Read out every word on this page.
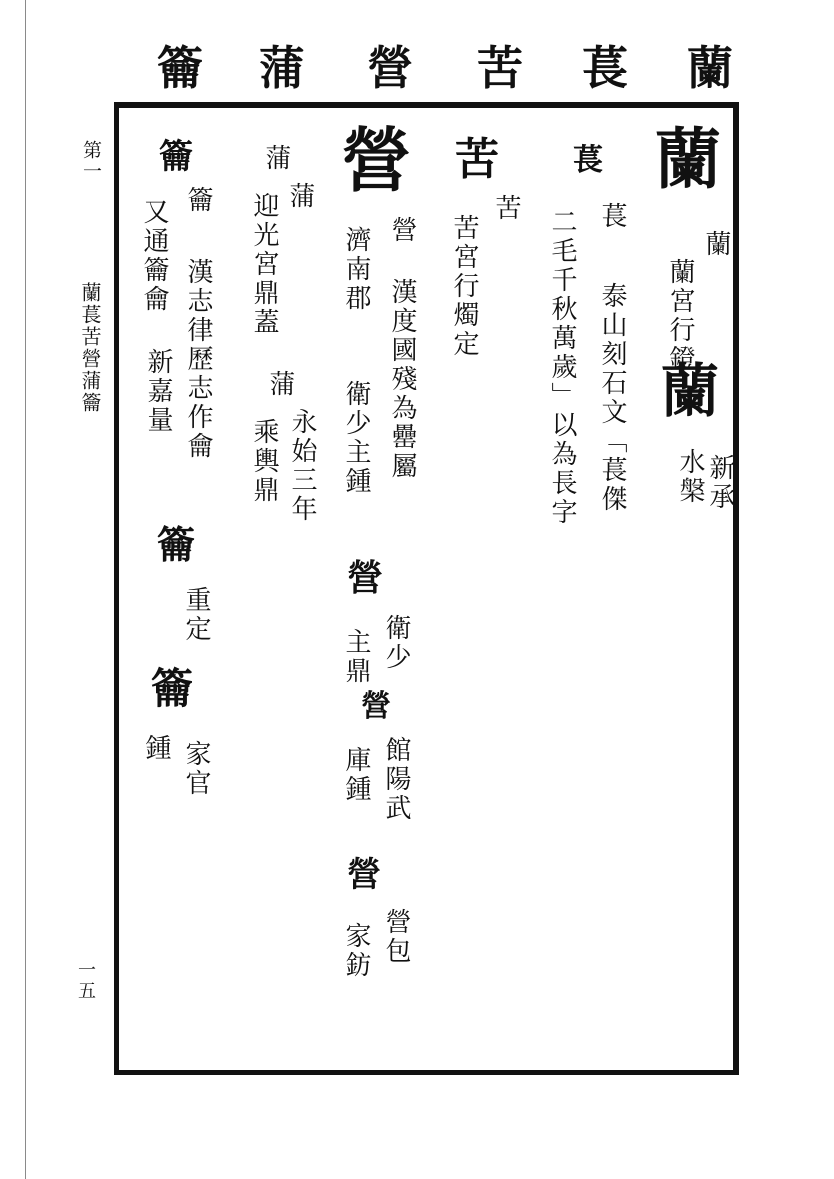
第一
蘭萇苦營蒲籥
一五
蘭
萇
苦
營
蒲
籥
蘭
蘭
蘭宮行鐙
蘭
新承
水槃
萇
萇
泰山刻石文「萇傑
二毛千秋萬歲」以為長字
苦
苦
苦宮行燭定
營
營
漢度國殘為罍屬
濟南郡
衛少主鍾
營
衛少
主鼎
營
館陽武
庫鍾
營
營包
家鈁
蒲
蒲
迎光宮鼎蓋
蒲
永始三年
乘輿鼎
籥
籥
漢志律歷志作龠
又通籥龠
新嘉量
籥
重定
籥
家官
鍾
